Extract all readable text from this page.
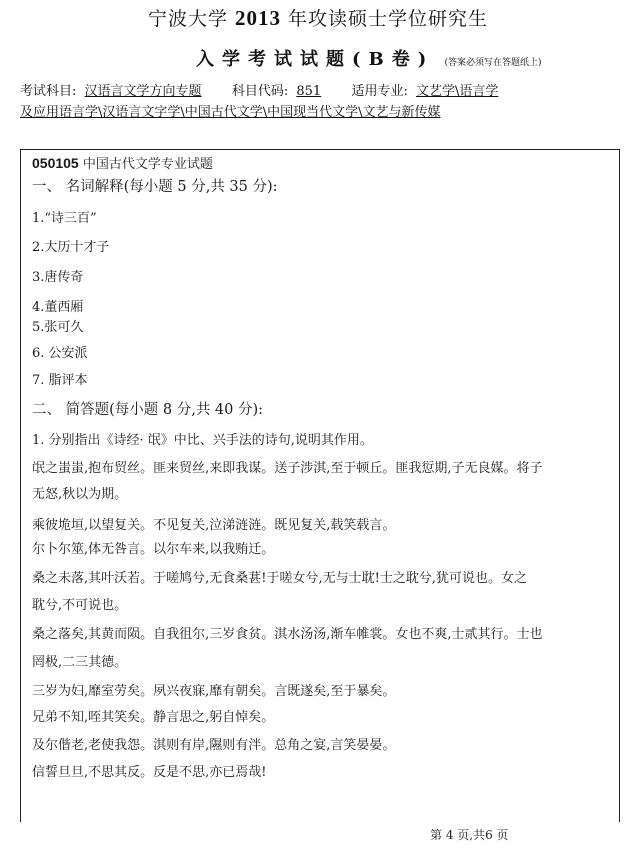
宁波大学 2013 年攻读硕士学位研究生
入学考试试题(B卷) (答案必须写在答题纸上)
考试科目: 汉语言文学方向专题 科目代码: 851 适用专业: 文艺学\语言学
及应用语言学\汉语言文字学\中国古代文学\中国现当代文学\文艺与新传媒
050105 中国古代文学专业试题
一、 名词解释(每小题 5 分,共 35 分):
1.“诗三百”
2.大历十才子
3.唐传奇
4.董西厢
5.张可久
6. 公安派
7. 脂评本
二、 简答题(每小题 8 分,共 40 分):
1. 分别指出《诗经· 氓》中比、兴手法的诗句,说明其作用。
氓之蚩蚩,抱布贸丝。匪来贸丝,来即我谋。送子涉淇,至于顿丘。匪我愆期,子无良媒。将子
无怒,秋以为期。
乘彼垝垣,以望复关。不见复关,泣涕涟涟。既见复关,载笑载言。
尔卜尔筮,体无咎言。以尔车来,以我贿迁。
桑之未落,其叶沃若。于嗟鸠兮,无食桑葚!于嗟女兮,无与士耽!士之耽兮,犹可说也。女之
耽兮,不可说也。
桑之落矣,其黄而陨。自我徂尔,三岁食贫。淇水汤汤,渐车帷裳。女也不爽,士贰其行。士也
罔极,二三其德。
三岁为妇,靡室劳矣。夙兴夜寐,靡有朝矣。言既遂矣,至于暴矣。
兄弟不知,咥其笑矣。静言思之,躬自悼矣。
及尔偕老,老使我怨。淇则有岸,隰则有泮。总角之宴,言笑晏晏。
信誓旦旦,不思其反。反是不思,亦已焉哉!
第 4 页,共6 页
